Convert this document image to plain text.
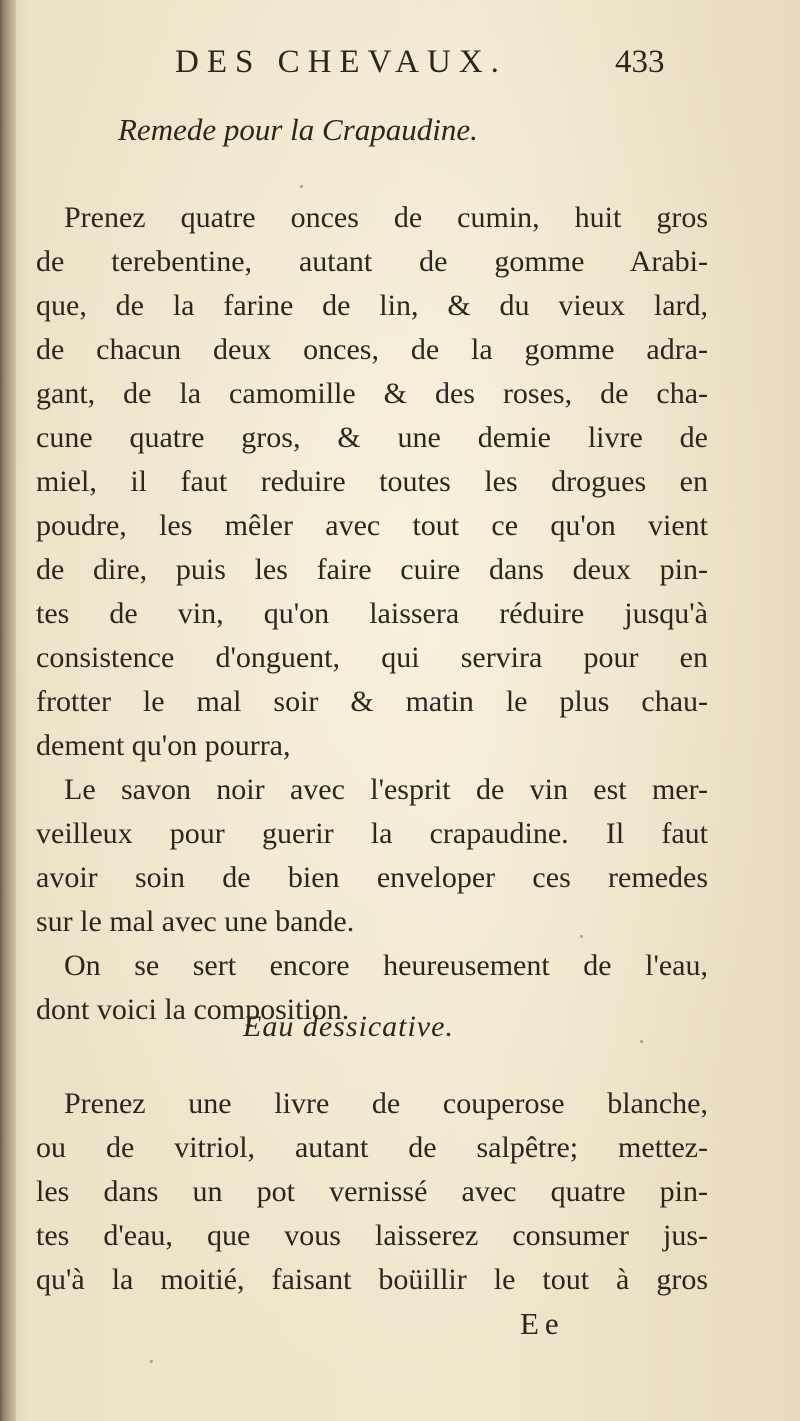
DES CHEVAUX.	433
Remede pour la Crapaudine.
Prenez quatre onces de cumin, huit gros
de terebentine, autant de gomme Arabi-
que, de la farine de lin, & du vieux lard,
de chacun deux onces, de la gomme adra-
gant, de la camomille & des roses, de cha-
cune quatre gros, & une demie livre de
miel, il faut reduire toutes les drogues en
poudre, les mêler avec tout ce qu'on vient
de dire, puis les faire cuire dans deux pin-
tes de vin, qu'on laissera réduire jusqu'à
consistence d'onguent, qui servira pour en
frotter le mal soir & matin le plus chau-
dement qu'on pourra,
Le savon noir avec l'esprit de vin est mer-
veilleux pour guerir la crapaudine. Il faut
avoir soin de bien enveloper ces remedes
sur le mal avec une bande.
On se sert encore heureusement de l'eau,
dont voici la composition.
Eau dessicative.
Prenez une livre de couperose blanche,
ou de vitriol, autant de salpêtre; mettez-
les dans un pot vernissé avec quatre pin-
tes d'eau, que vous laisserez consumer jus-
qu'à la moitié, faisant boüillir le tout à gros
Ee
